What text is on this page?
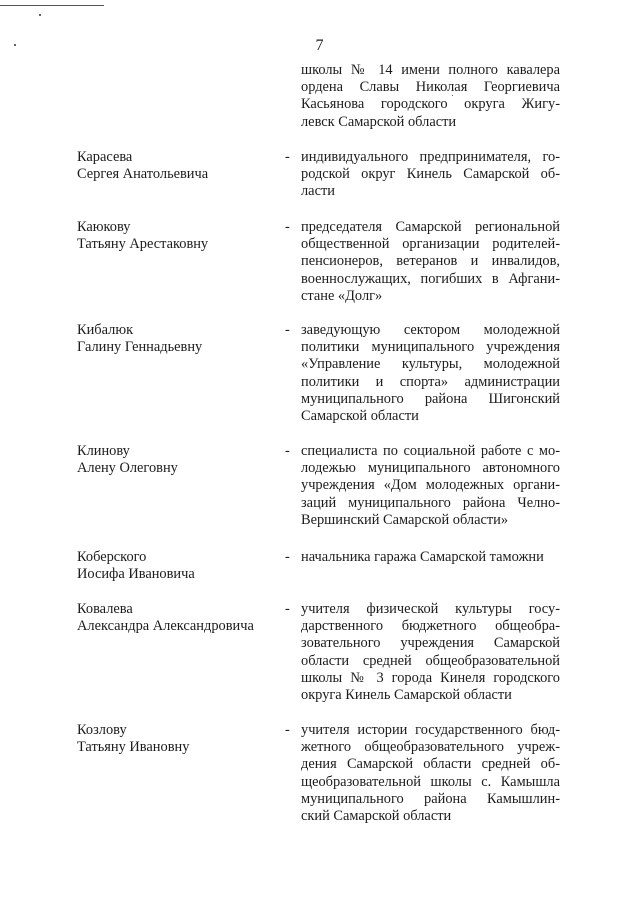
7
школы № 14 имени полного кавалера
ордена Славы Николая Георгиевича
Касьянова городского округа Жигу-
левск Самарской области
Карасева
Сергея Анатольевича
- индивидуального предпринимателя, го-
родской округ Кинель Самарской об-
ласти
Каюкову
Татьяну Арестаковну
- председателя Самарской региональной
общественной организации родителей-
пенсионеров, ветеранов и инвалидов,
военнослужащих, погибших в Афгани-
стане «Долг»
Кибалюк
Галину Геннадьевну
- заведующую сектором молодежной
политики муниципального учреждения
«Управление культуры, молодежной
политики и спорта» администрации
муниципального района Шигонский
Самарской области
Клинову
Алену Олеговну
- специалиста по социальной работе с мо-
лодежью муниципального автономного
учреждения «Дом молодежных органи-
заций муниципального района Челно-
Вершинский Самарской области»
Коберского
Иосифа Ивановича
- начальника гаража Самарской таможни
Ковалева
Александра Александровича
- учителя физической культуры госу-
дарственного бюджетного общеобра-
зовательного учреждения Самарской
области средней общеобразовательной
школы № 3 города Кинеля городского
округа Кинель Самарской области
Козлову
Татьяну Ивановну
- учителя истории государственного бюд-
жетного общеобразовательного учреж-
дения Самарской области средней об-
щеобразовательной школы с. Камышла
муниципального района Камышлин-
ский Самарской области
